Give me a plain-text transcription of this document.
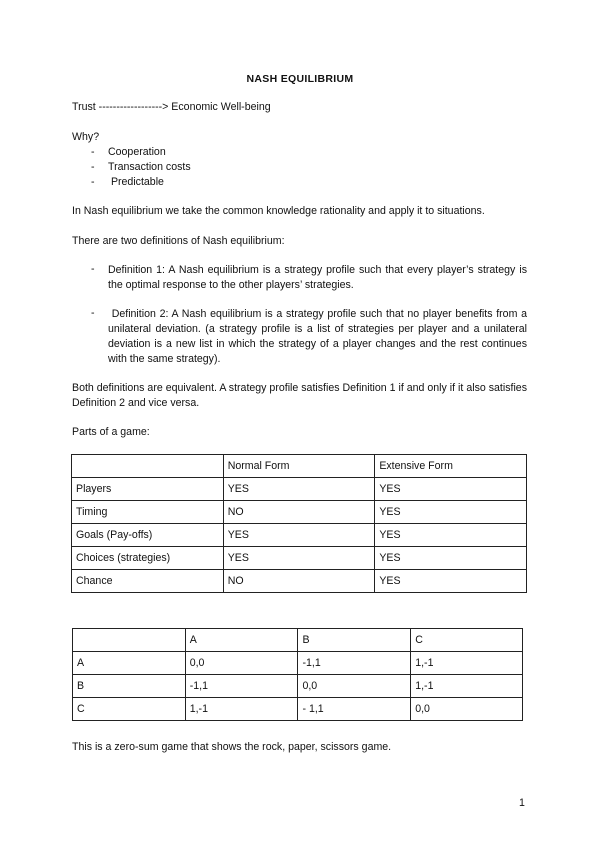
NASH EQUILIBRIUM
Trust ------------------> Economic Well-being
Why?
- Cooperation
- Transaction costs
- Predictable
In Nash equilibrium we take the common knowledge rationality and apply it to situations.
There are two definitions of Nash equilibrium:
- Definition 1: A Nash equilibrium is a strategy profile such that every player’s strategy is the optimal response to the other players’ strategies.
- Definition 2: A Nash equilibrium is a strategy profile such that no player benefits from a unilateral deviation. (a strategy profile is a list of strategies per player and a unilateral deviation is a new list in which the strategy of a player changes and the rest continues with the same strategy).
Both definitions are equivalent. A strategy profile satisfies Definition 1 if and only if it also satisfies Definition 2 and vice versa.
Parts of a game:
	Normal Form	Extensive Form
Players	YES	YES
Timing	NO	YES
Goals (Pay-offs)	YES	YES
Choices (strategies)	YES	YES
Chance	NO	YES
	A	B	C
A	0,0	-1,1	1,-1
B	-1,1	0,0	1,-1
C	1,-1	- 1,1	0,0
This is a zero-sum game that shows the rock, paper, scissors game.
1
